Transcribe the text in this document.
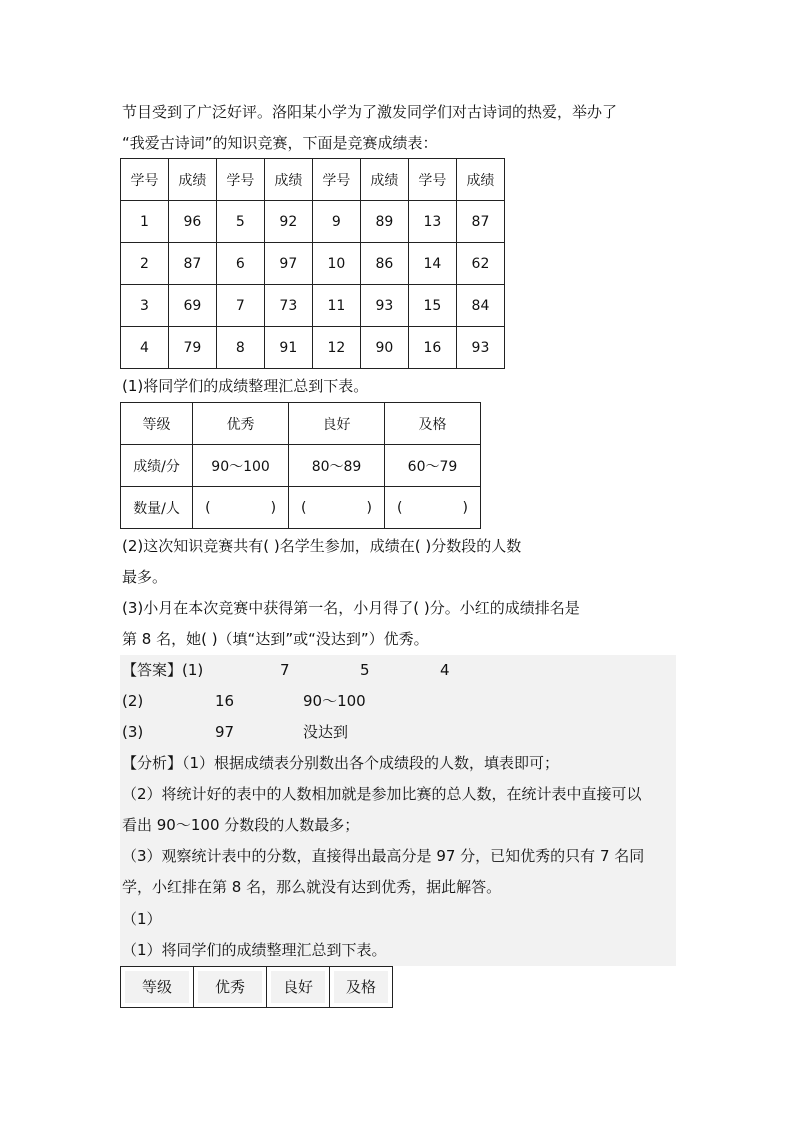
节目受到了广泛好评。洛阳某小学为了激发同学们对古诗词的热爱，举办了
“我爱古诗词”的知识竞赛，下面是竞赛成绩表：
学号	成绩	学号	成绩	学号	成绩	学号	成绩
1	96	5	92	9	89	13	87
2	87	6	97	10	86	14	62
3	69	7	73	11	93	15	84
4	79	8	91	12	90	16	93
(1)将同学们的成绩整理汇总到下表。
等级	优秀	良好	及格
成绩/分	90～100	80～89	60～79
数量/人	( )	( )	( )
(2)这次知识竞赛共有( )名学生参加，成绩在( )分数段的人数
最多。
(3)小月在本次竞赛中获得第一名，小月得了( )分。小红的成绩排名是
第 8 名，她( )（填“达到”或“没达到”）优秀。
【答案】(1)	7	5	4
(2)	16	90～100
(3)	97	没达到
【分析】（1）根据成绩表分别数出各个成绩段的人数，填表即可；
（2）将统计好的表中的人数相加就是参加比赛的总人数，在统计表中直接可以
看出 90～100 分数段的人数最多；
（3）观察统计表中的分数，直接得出最高分是 97 分，已知优秀的只有 7 名同
学，小红排在第 8 名，那么就没有达到优秀，据此解答。
（1）
（1）将同学们的成绩整理汇总到下表。
等级	优秀	良好	及格
